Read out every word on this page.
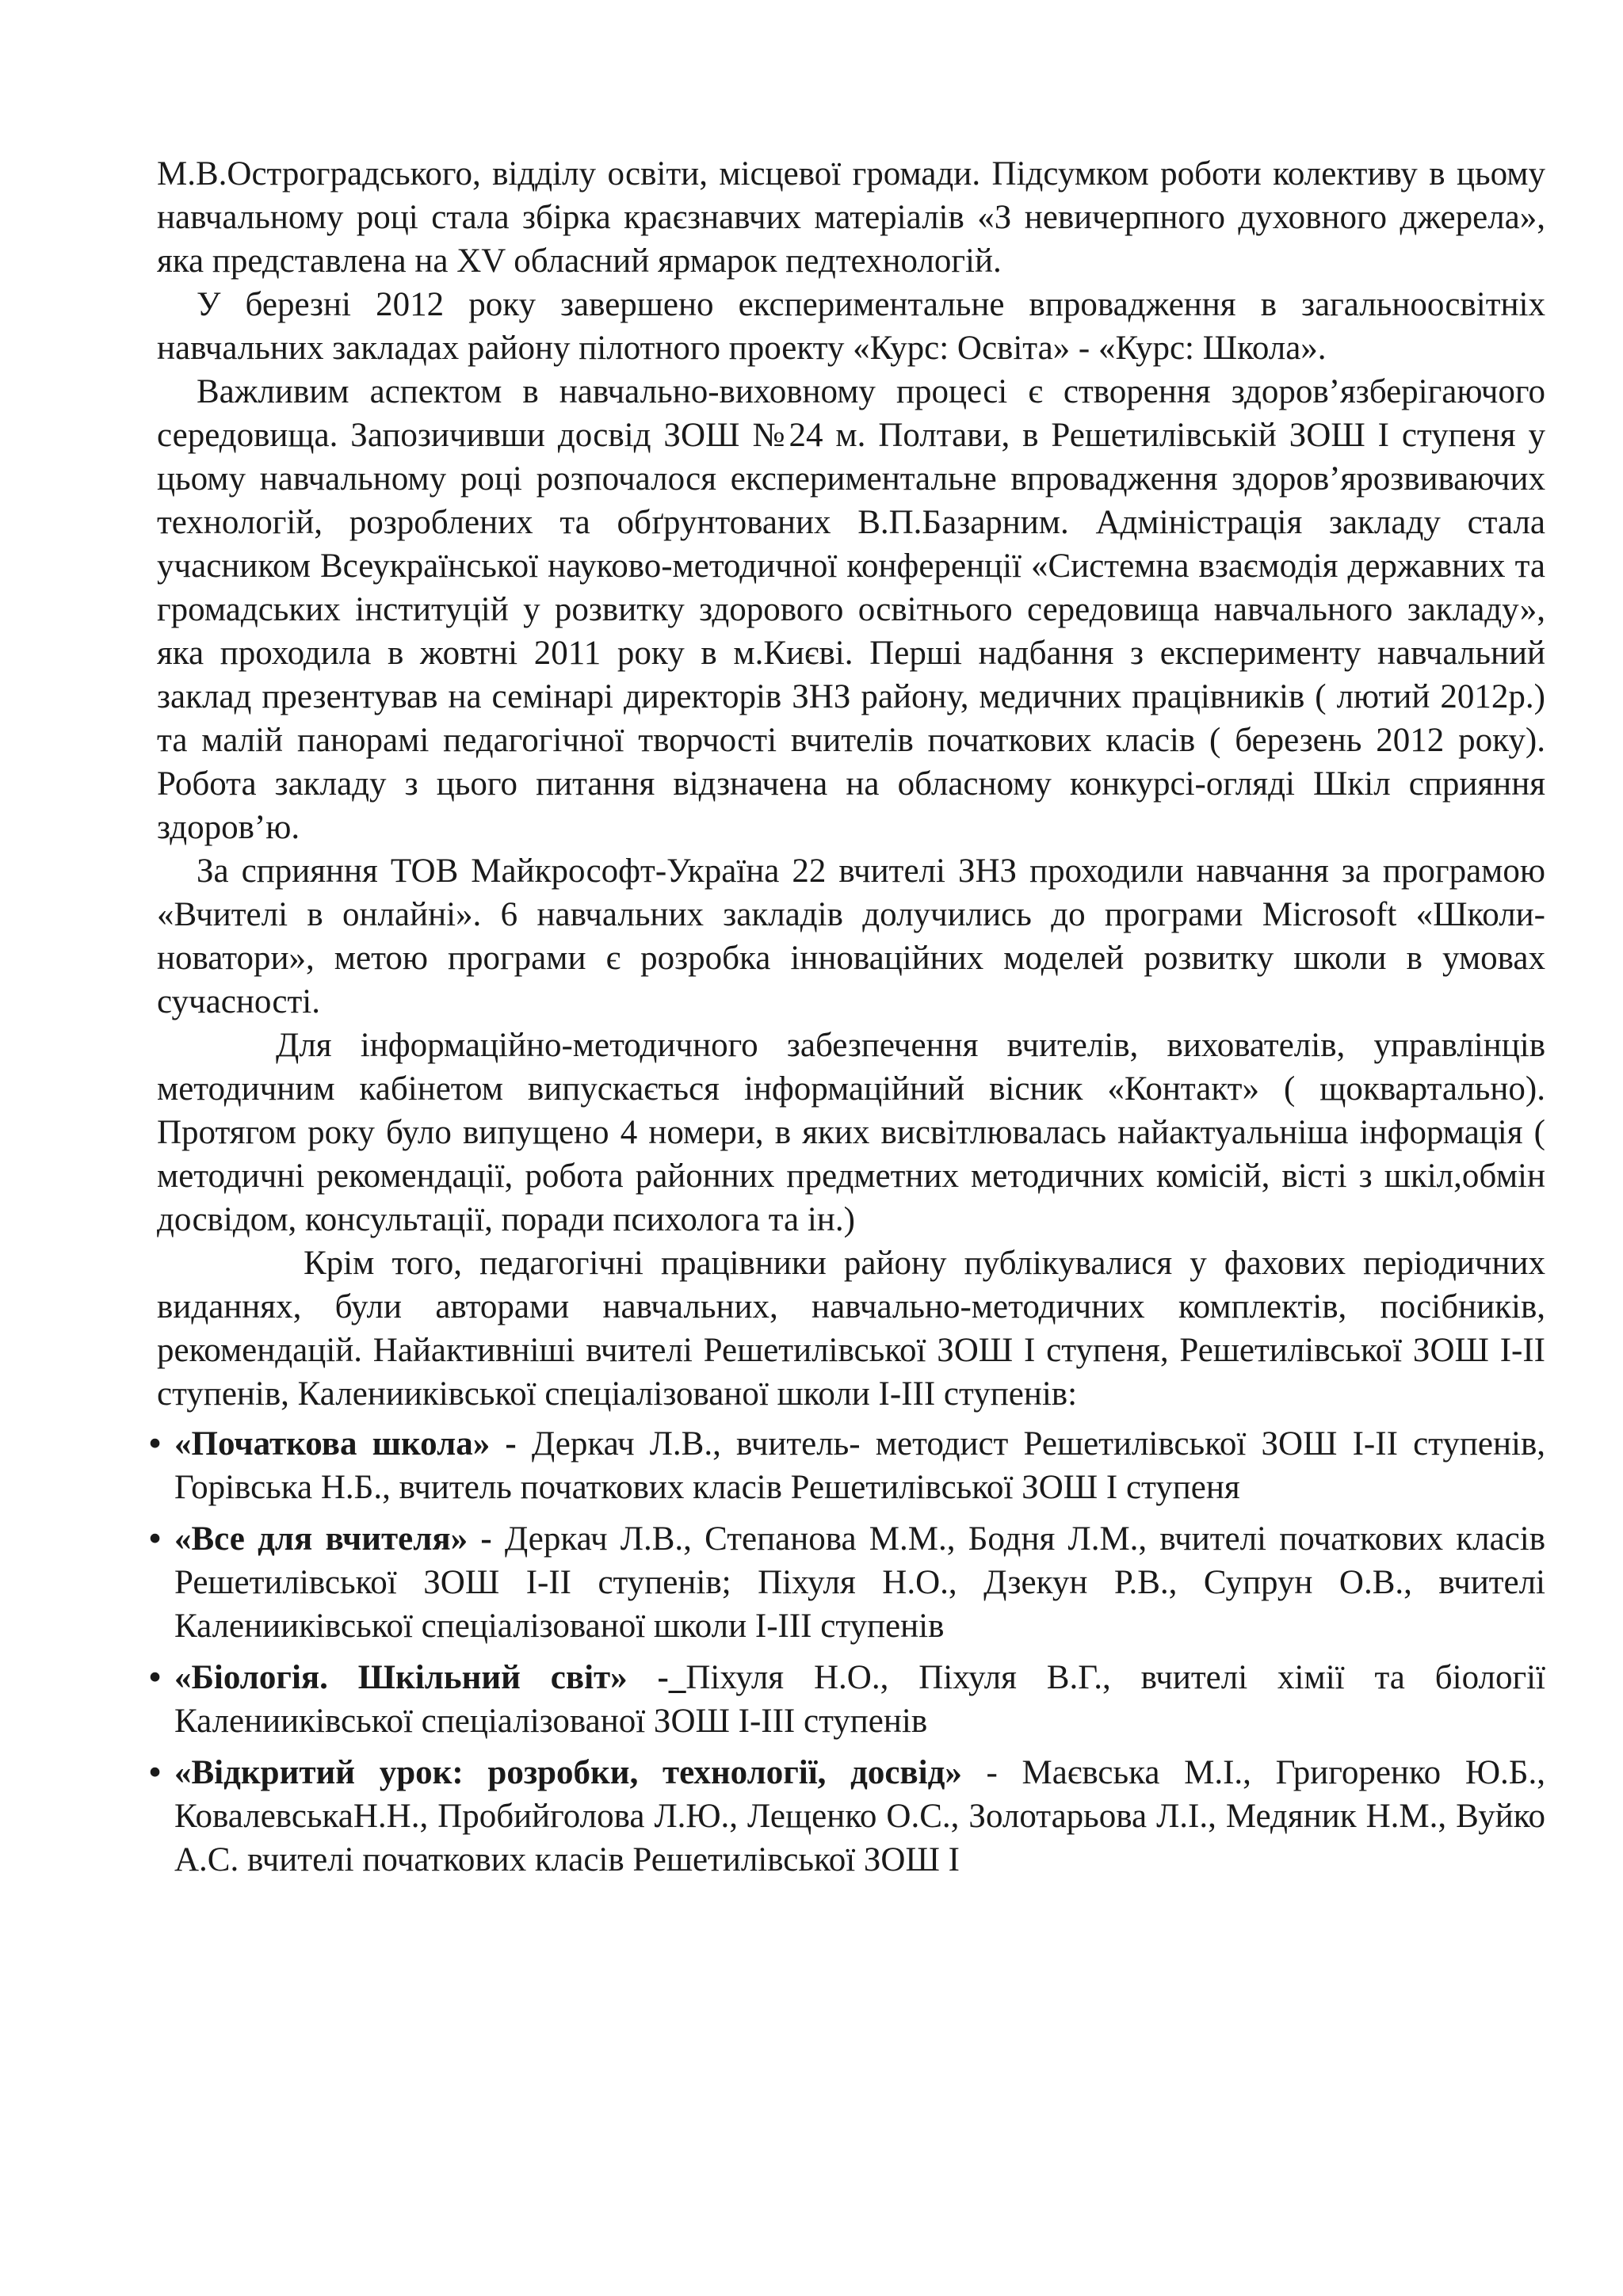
М.В.Остроградського, відділу освіти, місцевої громади. Підсумком роботи колективу в цьому навчальному році стала збірка краєзнавчих матеріалів «З невичерпного духовного джерела», яка представлена на XV обласний ярмарок педтехнологій.

У березні 2012 року завершено експериментальне впровадження в загальноосвітніх навчальних закладах району пілотного проекту «Курс: Освіта» - «Курс: Школа».

Важливим аспектом в навчально-виховному процесі є створення здоров’язберігаючого середовища. Запозичивши досвід ЗОШ №24 м. Полтави, в Решетилівській ЗОШ І ступеня у цьому навчальному році розпочалося експериментальне впровадження здоров’ярозвиваючих технологій, розроблених та обґрунтованих В.П.Базарним. Адміністрація закладу стала учасником Всеукраїнської науково-методичної конференції «Системна взаємодія державних та громадських інституцій у розвитку здорового освітнього середовища навчального закладу», яка проходила в жовтні 2011 року в м.Києві. Перші надбання з експерименту навчальний заклад презентував на семінарі директорів ЗНЗ району, медичних працівників ( лютий 2012р.) та малій панорамі педагогічної творчості вчителів початкових класів ( березень 2012 року). Робота закладу з цього питання відзначена на обласному конкурсі-огляді Шкіл сприяння здоров’ю.

За сприяння ТОВ Майкрософт-Україна 22 вчителі ЗНЗ проходили навчання за програмою «Вчителі в онлайні». 6 навчальних закладів долучились до програми Microsoft «Школи-новатори», метою програми є розробка інноваційних моделей розвитку школи в умовах сучасності.

Для інформаційно-методичного забезпечення вчителів, вихователів, управлінців методичним кабінетом випускається інформаційний вісник «Контакт» ( щоквартально). Протягом року було випущено 4 номери, в яких висвітлювалась найактуальніша інформація ( методичні рекомендації, робота районних предметних методичних комісій, вісті з шкіл,обмін досвідом, консультації, поради психолога та ін.)

Крім того, педагогічні працівники району публікувалися у фахових періодичних виданнях, були авторами навчальних, навчально-методичних комплектів, посібників, рекомендацій. Найактивніші вчителі Решетилівської ЗОШ І ступеня, Решетилівської ЗОШ І-ІІ ступенів, Каленииківської спеціалізованої школи І-ІІІ ступенів:

• «Початкова школа» - Деркач Л.В., вчитель- методист Решетилівської ЗОШ І-ІІ ступенів, Горівська Н.Б., вчитель початкових класів Решетилівської ЗОШ І ступеня
• «Все для вчителя» - Деркач Л.В., Степанова М.М., Бодня Л.М., вчителі початкових класів Решетилівської ЗОШ І-ІІ ступенів; Піхуля Н.О., Дзекун Р.В., Супрун О.В., вчителі Каленииківської спеціалізованої школи І-ІІІ ступенів
• «Біологія. Шкільний світ» -_Піхуля Н.О., Піхуля В.Г., вчителі хімії та біології Каленииківської спеціалізованої ЗОШ І-ІІІ ступенів
• «Відкритий урок: розробки, технології, досвід» - Маєвська М.І., Григоренко Ю.Б., КовалевськаН.Н., Пробийголова Л.Ю., Лещенко О.С., Золотарьова Л.І., Медяник Н.М., Вуйко А.С. вчителі початкових класів Решетилівської ЗОШ І
